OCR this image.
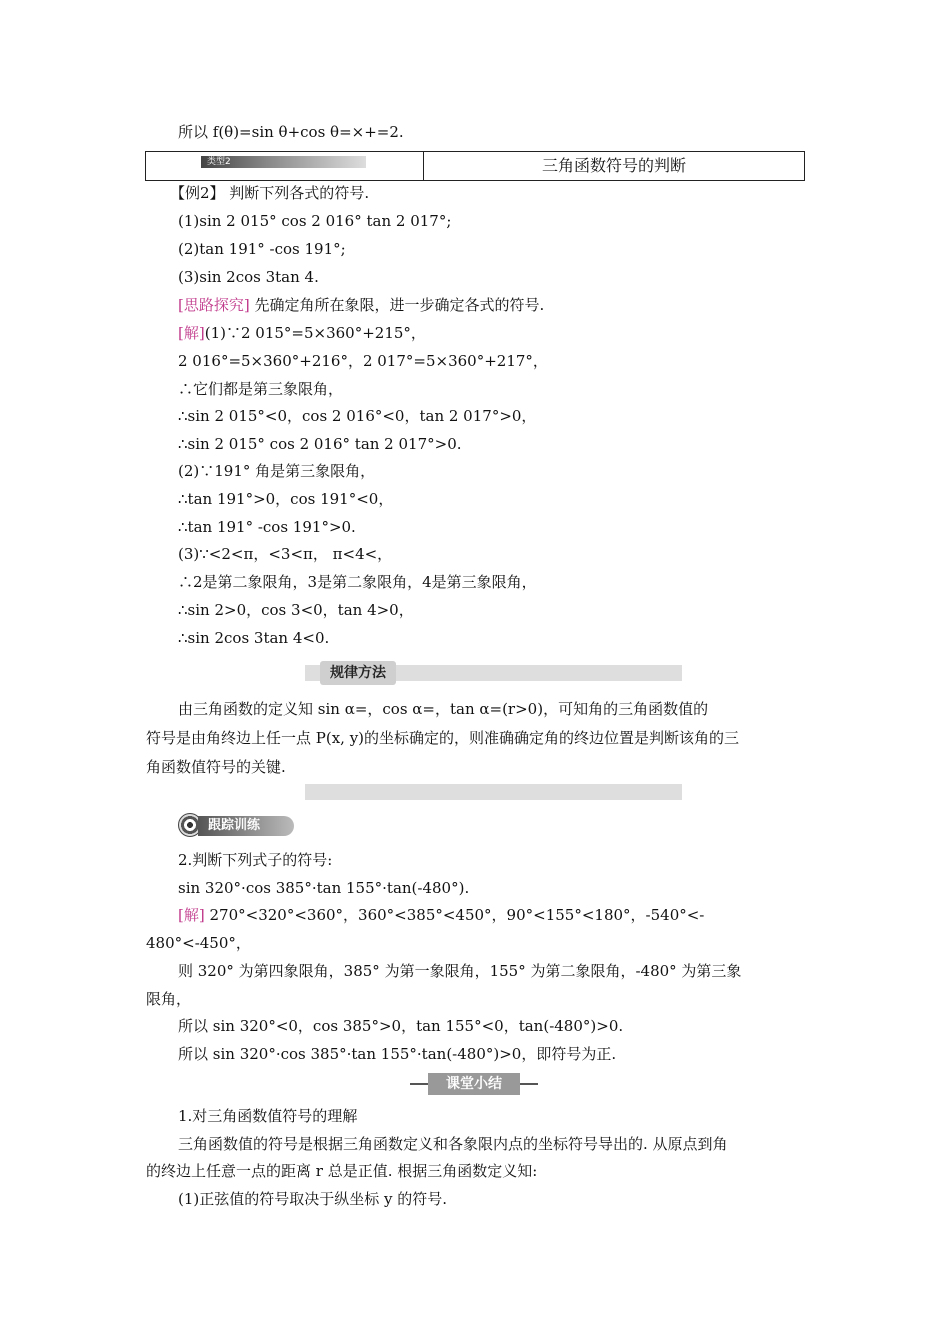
所以 f(θ)=sin θ+cos θ=×+=2.
类型2	三角函数符号的判断
【例2】 判断下列各式的符号.
(1)sin 2 015° cos 2 016° tan 2 017°;
(2)tan 191° -cos 191°;
(3)sin 2cos 3tan 4.
[思路探究] 先确定角所在象限，进一步确定各式的符号.
[解](1)∵2 015°=5×360°+215°，
2 016°=5×360°+216°，2 017°=5×360°+217°，
∴它们都是第三象限角，
∴sin 2 015°<0，cos 2 016°<0，tan 2 017°>0，
∴sin 2 015° cos 2 016° tan 2 017°>0.
(2)∵191° 角是第三象限角，
∴tan 191°>0，cos 191°<0，
∴tan 191° -cos 191°>0.
(3)∵<2<π，<3<π， π<4<，
∴2是第二象限角，3是第二象限角，4是第三象限角，
∴sin 2>0，cos 3<0，tan 4>0，
∴sin 2cos 3tan 4<0.
规律方法
由三角函数的定义知 sin α=，cos α=，tan α=(r>0)，可知角的三角函数值的
符号是由角终边上任一点 P(x, y)的坐标确定的，则准确确定角的终边位置是判断该角的三
角函数值符号的关键.
跟踪训练
2.判断下列式子的符号:
sin 320°·cos 385°·tan 155°·tan(-480°).
[解] 270°<320°<360°，360°<385°<450°，90°<155°<180°，-540°<-
480°<-450°，
则 320° 为第四象限角，385° 为第一象限角，155° 为第二象限角，-480° 为第三象
限角，
所以 sin 320°<0，cos 385°>0，tan 155°<0，tan(-480°)>0.
所以 sin 320°·cos 385°·tan 155°·tan(-480°)>0，即符号为正.
课堂小结
1.对三角函数值符号的理解
三角函数值的符号是根据三角函数定义和各象限内点的坐标符号导出的. 从原点到角
的终边上任意一点的距离 r 总是正值. 根据三角函数定义知:
(1)正弦值的符号取决于纵坐标 y 的符号.
